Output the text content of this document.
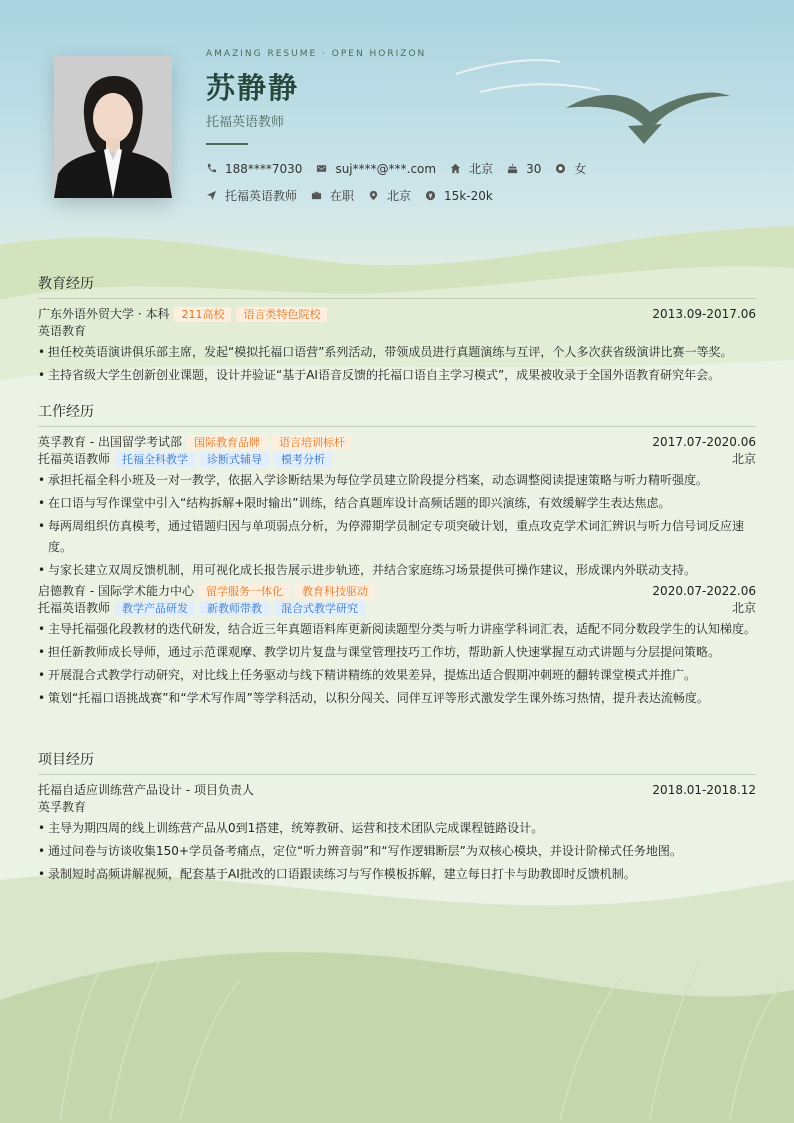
AMAZING RESUME · OPEN HORIZON
苏静静
托福英语教师
188****7030	suj****@***.com	北京	30	女
托福英语教师	在职	北京	15k-20k
教育经历
广东外语外贸大学 · 本科	211高校	语言类特色院校	2013.09-2017.06
英语教育
• 担任校英语演讲俱乐部主席，发起“模拟托福口语营”系列活动，带领成员进行真题演练与互评，个人多次获省级演讲比赛一等奖。
• 主持省级大学生创新创业课题，设计并验证“基于AI语音反馈的托福口语自主学习模式”，成果被收录于全国外语教育研究年会。
工作经历
英孚教育 - 出国留学考试部	国际教育品牌	语言培训标杆	2017.07-2020.06
托福英语教师	托福全科教学	诊断式辅导	模考分析	北京
• 承担托福全科小班及一对一教学，依据入学诊断结果为每位学员建立阶段提分档案，动态调整阅读提速策略与听力精听强度。
• 在口语与写作课堂中引入“结构拆解+限时输出”训练，结合真题库设计高频话题的即兴演练，有效缓解学生表达焦虑。
• 每两周组织仿真模考，通过错题归因与单项弱点分析，为停滞期学员制定专项突破计划，重点攻克学术词汇辨识与听力信号词反应速度。
• 与家长建立双周反馈机制，用可视化成长报告展示进步轨迹，并结合家庭练习场景提供可操作建议，形成课内外联动支持。
启德教育 - 国际学术能力中心	留学服务一体化	教育科技驱动	2020.07-2022.06
托福英语教师	教学产品研发	新教师带教	混合式教学研究	北京
• 主导托福强化段教材的迭代研发，结合近三年真题语料库更新阅读题型分类与听力讲座学科词汇表，适配不同分数段学生的认知梯度。
• 担任新教师成长导师，通过示范课观摩、教学切片复盘与课堂管理技巧工作坊，帮助新人快速掌握互动式讲题与分层提问策略。
• 开展混合式教学行动研究，对比线上任务驱动与线下精讲精练的效果差异，提炼出适合假期冲刺班的翻转课堂模式并推广。
• 策划“托福口语挑战赛”和“学术写作周”等学科活动，以积分闯关、同伴互评等形式激发学生课外练习热情，提升表达流畅度。
项目经历
托福自适应训练营产品设计 - 项目负责人	2018.01-2018.12
英孚教育
• 主导为期四周的线上训练营产品从0到1搭建，统筹教研、运营和技术团队完成课程链路设计。
• 通过问卷与访谈收集150+学员备考痛点，定位“听力辨音弱”和“写作逻辑断层”为双核心模块，并设计阶梯式任务地图。
• 录制短时高频讲解视频，配套基于AI批改的口语跟读练习与写作模板拆解，建立每日打卡与助教即时反馈机制。
